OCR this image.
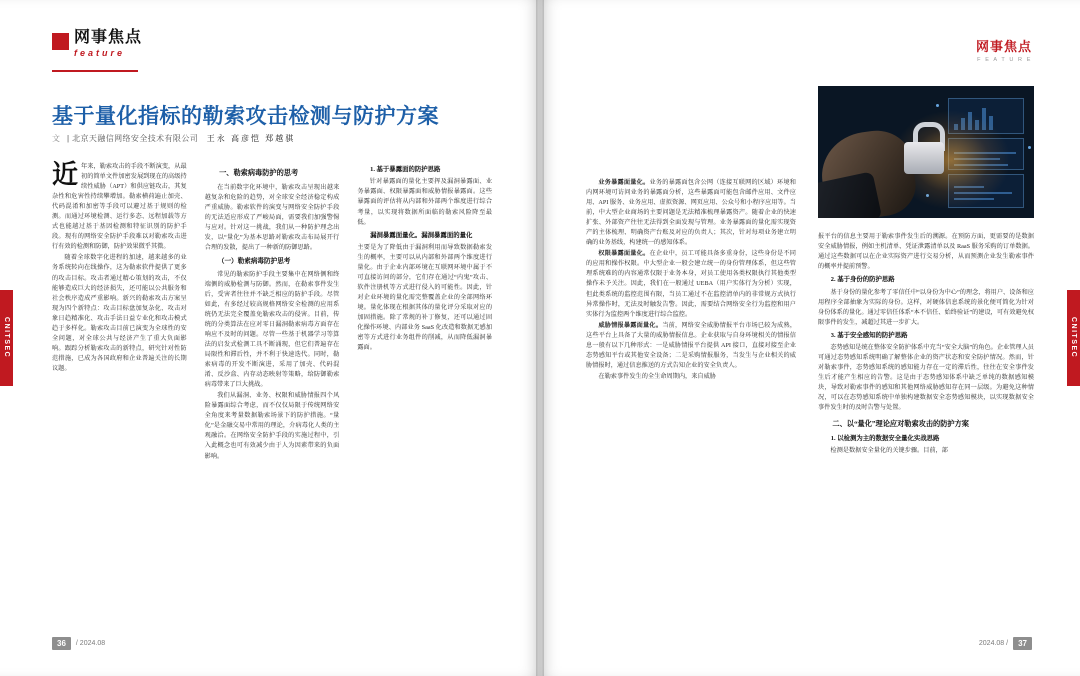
网事焦点
feature
基于量化指标的勒索攻击检测与防护方案
文 | 北京天融信网络安全技术有限公司 王永 高彦恺 郑越骐
近 年来，勒索攻击的手段不断演变，从最初的简单文件加密发展到现在的高级持续性威胁（APT）和供应链攻击，其复杂性和危害性持续攀增加。勒索横荷遍止加壳、代码混淆和加密等手段可以避过基于规则的检测。而通过环境检测、运行多态、远程加载等方式也能越过基于基因检测和特征识别的防护手段。现有的网络安全防护手段难以对勒索攻击进行有效的检测和防御，防护效果微乎其微。

随着全球数字化进程的加速，越来越多的业务系统转向在线操作，这为勒索软件提供了更多的攻击目标。攻击者通过精心策划的攻击，不仅能够造成巨大的经济损失，还可能以公共服务和社会秩序造成严重影响。新兴的勒索攻击方案呈现为四个新特点：攻击目标盘加复杂化、攻击对象日趋精准化、攻击手法日益专业化和攻击模式趋于多样化。勒索攻击目前已演变为全球性的安全问题，对全球公共与经济产生了重大负面影响。跟踪分析勒索攻击的新特点，研究针对性防范措施，已成为各国政府和企业普遍关注的长期议题。

一、勒索病毒防护的思考

在当前数字化环境中，勒索攻击呈现出越来越复杂和危险的趋势，对全球安全经济稳定构成严重威胁。勒索软件的演变与网络安全防护手段的无法适应形成了严峻局面，需要我们加强警惕与应对。针对这一挑战，我们从一种防护理念出发，以“量化”为基本思路对勒索攻击布局展开行合理的发散，提出了一种新的防御思路。

（一）勒索病毒防护思考

常见的勒索防护手段主要集中在网络侧和终端侧的威胁检测与防御。然而，在勒索事件发生后，受害者往往并不缺乏相应的防护手段。尽管如此，有多经过较高规格网络安全检测的应用系统仍无法完全覆盖免勒索攻击的侵害。目前，传统的分类算法在应对零日漏洞勒索病毒方面存在响应不及时的问题。尽管一些基于机器学习等算法的启发式检测工具不断涌现，但它们普遍存在局限性和滞后性，并不利于快速迭代。同时，勒索病毒的开发不断演进，采用了加壳、代码混淆、反沙盒、内存动态映射等策略，给防御勒索病毒带来了巨大挑战。

我们从漏洞、业务、权限和威胁情报四个风险暴露面综合考虑，而不仅仅局限于传统网络安全角度来考量数据勒索场景下的防护措施。“量化”是金融交易中常用的理论，介病毒化人类的主观融洽。在网络安全防护手段的实施过程中，引入此概念也可有效减少由于人为因素带来的负面影响。

1. 基于暴露面的防护思路

针对暴露面的量化主要挥及漏洞暴露面、业务暴露面、权限暴露面和威胁情报暴露面。这些暴露面的评估将从内部和外部两个维度进行综合考量，以实现将数据所面临的勒索风险降至最低。

漏洞暴露面量化。漏洞暴露面的量化

主要是为了降低由于漏洞利用而导致数据勒索发生的概率，主要可以从内部和外部两个维度进行量化。由于企业内部环境在互联网环境中属于不可直接访问的部分，它们存在通过“内鬼”攻击、软件注册机等方式进行侵入的可能性。因此，针对企业环境的量化需完整覆盖企业的全部网络环境。量化体现在根据其体的量化评分采取对应的加固措施。除了常规的补丁修复，还可以通过固化操作环境、内部业务 SaaS 化改造和数据无感加密等方式进行业务组件的削减，从而降低漏洞暴露面。

CNITSEC
36	/ 2024.08
网事焦点
F E A T U R E

业务暴露面量化。业务的暴露面包含公网（连接互联网的区域）环境和内网环境可访问业务的暴露面分析，这些暴露面可能包含邮件应用、文件应用、API 服务、业务应用、虚拟资源、网页应用、公众号和小程序应用等。当前，中大型企业商场的主要问题是无法精准梳理暴露资产。随着企业的快速扩张、外部资产往往无法得到全面发现与管理。业务暴露面的量化需实现资产的主体梳理、明确资产台账及对应的负责人；其次，针对每项业务建立明确的业务基线，构建统一的感知体系。

权限暴露面量化。在企业中，员工可能具备多重身份，这些身份是不同的应用和操作权限。中大型企业一般会建立统一的身份管理体系，但这些管理系统难的的内容通常仅限于业务本身，对员工使用各类权限执行其他类型操作未予关注。因此，我们在一般通过 UEBA（用户实体行为分析）实现，但此类系统的监控范围有限，当员工通过不在监控清单内的非常规方式执行异常操作时，无法及时触发告警。因此，需要结合网络安全行为监控和用户实体行为监控两个维度进行综合监控。

威胁情报暴露面量化。当前，网络安全威胁情报平台市场已较为成熟，这些平台上具备了大量的威胁情报信息。企业获取与自身环境相关的情报信息一般有以下几种形式：一是威胁情报平台提供 API 接口，直接对接至企业态势感知平台或其他安全设备；二是采购情报服务，当发生与企业相关的威胁情报时，通过信息推送的方式告知企业的安全负责人。

在勒索事件发生的全生命周期内，来自威胁

报平台的信息主要用于勒索事件发生后的溯源。在预防方面，更需要的是数据安全威胁情报，例如主机清单、凭证泄露清单以及 RaaS 服务采购的订单数据。通过这些数据可以在企业实际资产进行交易分析，从而预测企业发生勒索事件的概率并提前预警。

2. 基于身份的防护思路

基于身份的量化参考了零信任中“以身份为中心”的理念，将用户、设备和应用程序全部抽象为实际的身份。这样，对硬体信息系统的景化便可简化为针对身份体系的量化。通过零信任体系“本不信任、始终验证”的建设，可有效避免权限事件的发生，减超过其进一步扩大。

3. 基于安全感知的防护思路

态势感知是统在整体安全防护体系中充当“安全大脑”的角色。企业管理人员可通过态势感知系统明确了解整体企业的资产状态和安全防护情况。然而，针对勒索事件，态势感知系统的感知能力存在一定的滞后性，往往在安全事件发生后才能产生相应的告警。这是由于态势感知体系中缺乏单纯的数据感知模块，导致对勒索事件的感知和其他网络威胁感知存在同一层级。为避免这种情况，可以在态势感知系统中单独构建数据安全态势感知模块，以实现数据安全事件发生时的及时告警与处置。

二、以“量化”理论应对勒索攻击的防护方案
1. 以检测为主的数据安全量化实战思路

检测是数据安全量化的关键步骤。目前，部

CNITSEC
2024.08 /	37
